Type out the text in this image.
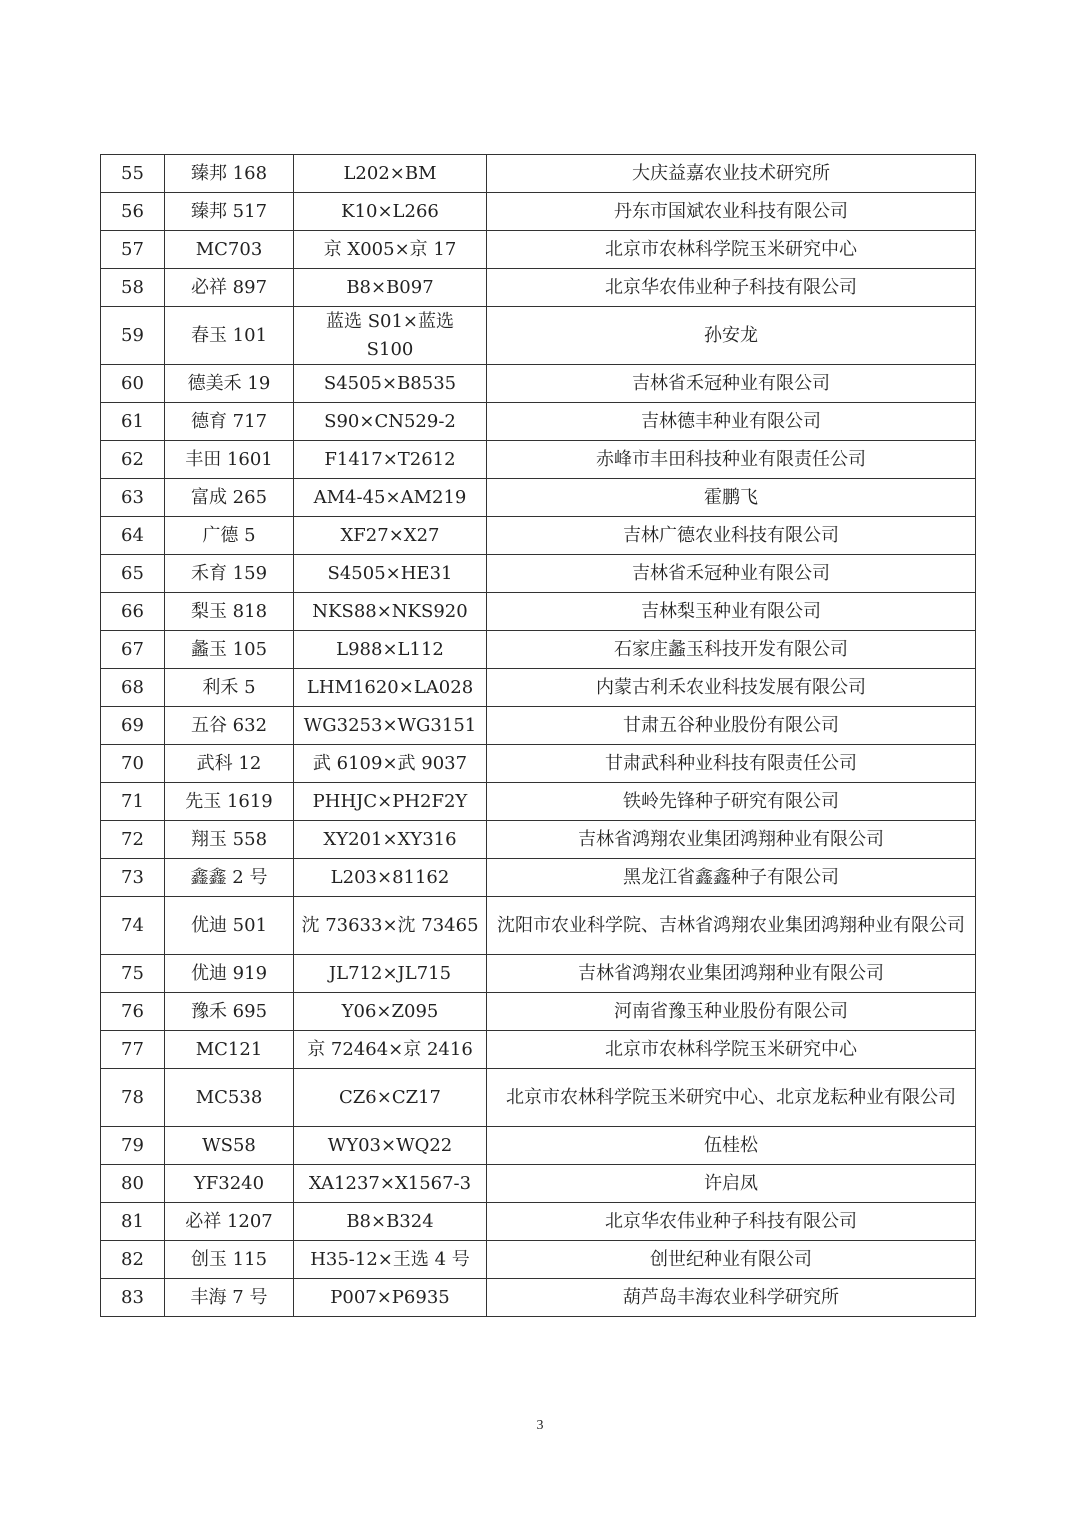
55	臻邦 168	L202×BM	大庆益嘉农业技术研究所
56	臻邦 517	K10×L266	丹东市国斌农业科技有限公司
57	MC703	京 X005×京 17	北京市农林科学院玉米研究中心
58	必祥 897	B8×B097	北京华农伟业种子科技有限公司
59	春玉 101	蓝选 S01×蓝选 S100	孙安龙
60	德美禾 19	S4505×B8535	吉林省禾冠种业有限公司
61	德育 717	S90×CN529-2	吉林德丰种业有限公司
62	丰田 1601	F1417×T2612	赤峰市丰田科技种业有限责任公司
63	富成 265	AM4-45×AM219	霍鹏飞
64	广德 5	XF27×X27	吉林广德农业科技有限公司
65	禾育 159	S4505×HE31	吉林省禾冠种业有限公司
66	梨玉 818	NKS88×NKS920	吉林梨玉种业有限公司
67	蠡玉 105	L988×L112	石家庄蠡玉科技开发有限公司
68	利禾 5	LHM1620×LA028	内蒙古利禾农业科技发展有限公司
69	五谷 632	WG3253×WG3151	甘肃五谷种业股份有限公司
70	武科 12	武 6109×武 9037	甘肃武科种业科技有限责任公司
71	先玉 1619	PHHJC×PH2F2Y	铁岭先锋种子研究有限公司
72	翔玉 558	XY201×XY316	吉林省鸿翔农业集团鸿翔种业有限公司
73	鑫鑫 2 号	L203×81162	黑龙江省鑫鑫种子有限公司
74	优迪 501	沈 73633×沈 73465	沈阳市农业科学院、吉林省鸿翔农业集团鸿翔种业有限公司
75	优迪 919	JL712×JL715	吉林省鸿翔农业集团鸿翔种业有限公司
76	豫禾 695	Y06×Z095	河南省豫玉种业股份有限公司
77	MC121	京 72464×京 2416	北京市农林科学院玉米研究中心
78	MC538	CZ6×CZ17	北京市农林科学院玉米研究中心、北京龙耘种业有限公司
79	WS58	WY03×WQ22	伍桂松
80	YF3240	XA1237×X1567-3	许启凤
81	必祥 1207	B8×B324	北京华农伟业种子科技有限公司
82	创玉 115	H35-12×王选 4 号	创世纪种业有限公司
83	丰海 7 号	P007×P6935	葫芦岛丰海农业科学研究所
3
